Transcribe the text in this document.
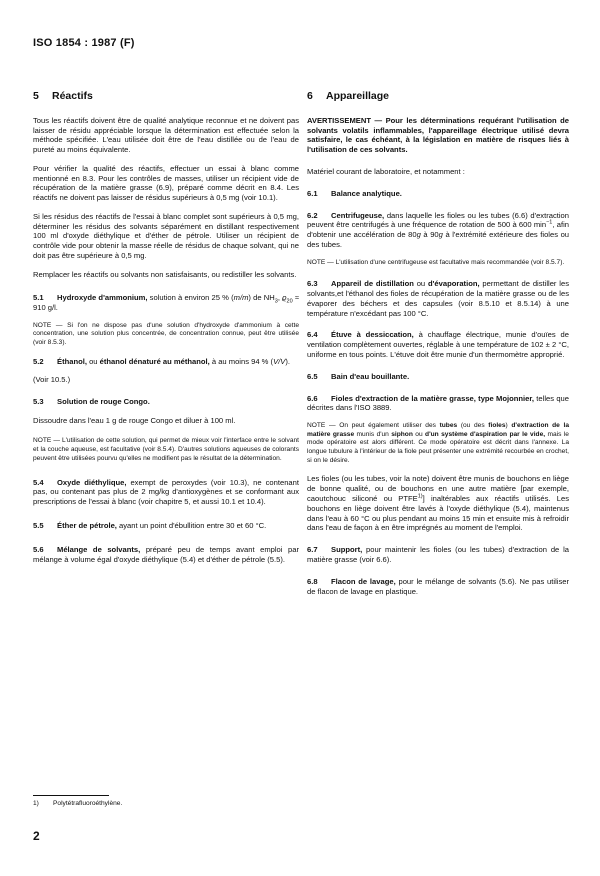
ISO 1854 : 1987 (F)
5 Réactifs

Tous les réactifs doivent être de qualité analytique reconnue et ne doivent pas laisser de résidu appréciable lorsque la détermination est effectuée selon la méthode spécifiée. L'eau utilisée doit être de l'eau distillée ou de l'eau de pureté au moins équivalente.

Pour vérifier la qualité des réactifs, effectuer un essai à blanc comme mentionné en 8.3. Pour les contrôles de masses, utiliser un récipient vide de récupération de la matière grasse (6.9), préparé comme décrit en 8.4. Les réactifs ne doivent pas laisser de résidus supérieurs à 0,5 mg (voir 10.1).

Si les résidus des réactifs de l'essai à blanc complet sont supérieurs à 0,5 mg, déterminer les résidus des solvants séparément en distillant respectivement 100 ml d'oxyde diéthylique et d'éther de pétrole. Utiliser un récipient de contrôle vide pour obtenir la masse réelle de résidus de chaque solvant, qui ne doit pas être supérieure à 0,5 mg.

Remplacer les réactifs ou solvants non satisfaisants, ou redistiller les solvants.

5.1 Hydroxyde d'ammonium, solution à environ 25 % (m/m) de $NH_3$, $ϱ_{20} \approx 910$ g/l.

NOTE — Si l'on ne dispose pas d'une solution d'hydroxyde d'ammonium à cette concentration, une solution plus concentrée, de concentration connue, peut être utilisée (voir 8.5.3).

5.2 Éthanol, ou éthanol dénaturé au méthanol, à au moins 94 % (V/V).

(Voir 10.5.)

5.3 Solution de rouge Congo.

Dissoudre dans l'eau 1 g de rouge Congo et diluer à 100 ml.

NOTE — L'utilisation de cette solution, qui permet de mieux voir l'interface entre le solvant et la couche aqueuse, est facultative (voir 8.5.4). D'autres solutions aqueuses de colorants peuvent être utilisées pourvu qu'elles ne modifient pas le résultat de la détermination.

5.4 Oxyde diéthylique, exempt de peroxydes (voir 10.3), ne contenant pas, ou contenant pas plus de 2 mg/kg d'antioxygènes et se conformant aux prescriptions de l'essai à blanc (voir chapitre 5, et aussi 10.1 et 10.4).

5.5 Éther de pétrole, ayant un point d'ébullition entre 30 et 60 °C.

5.6 Mélange de solvants, préparé peu de temps avant emploi par mélange à volume égal d'oxyde diéthylique (5.4) et d'éther de pétrole (5.5).

6 Appareillage

AVERTISSEMENT — Pour les déterminations requérant l'utilisation de solvants volatils inflammables, l'appareillage électrique utilisé devra satisfaire, le cas échéant, à la législation en matière de risques liés à l'utilisation de ces solvants.

Matériel courant de laboratoire, et notamment :

6.1 Balance analytique.

6.2 Centrifugeuse, dans laquelle les fioles ou les tubes (6.6) d'extraction peuvent être centrifugés à une fréquence de rotation de 500 à 600 $\min^{-1}$, afin d'obtenir une accélération de 80g à 90g à l'extrémité extérieure des fioles ou des tubes.

NOTE — L'utilisation d'une centrifugeuse est facultative mais recommandée (voir 8.5.7).

6.3 Appareil de distillation ou d'évaporation, permettant de distiller les solvants,et l'éthanol des fioles de récupération de la matière grasse ou de les évaporer des béchers et des capsules (voir 8.5.10 et 8.5.14) à une température n'excédant pas 100 °C.

6.4 Étuve à dessiccation, à chauffage électrique, munie d'ouïes de ventilation complètement ouvertes, réglable à une température de 102 ± 2 °C, uniforme en tous points. L'étuve doit être munie d'un thermomètre approprié.

6.5 Bain d'eau bouillante.

6.6 Fioles d'extraction de la matière grasse, type Mojonnier, telles que décrites dans l'ISO 3889.

NOTE — On peut également utiliser des tubes (ou des fioles) d'extraction de la matière grasse munis d'un siphon ou d'un système d'aspiration par le vide, mais le mode opératoire est alors différent. Ce mode opératoire est décrit dans l'annexe. La longue tubulure à l'intérieur de la fiole peut présenter une extrémité recourbée en crochet, si on le désire.

Les fioles (ou les tubes, voir la note) doivent être munis de bouchons en liège de bonne qualité, ou de bouchons en une autre matière [par exemple, caoutchouc siliconé ou PTFE$^{1)}$] inaltérables aux réactifs utilisés. Les bouchons en liège doivent être lavés à l'oxyde diéthylique (5.4), maintenus dans l'eau à 60 °C ou plus pendant au moins 15 min et ensuite mis à refroidir dans l'eau de façon à en être imprégnés au moment de l'emploi.

6.7 Support, pour maintenir les fioles (ou les tubes) d'extraction de la matière grasse (voir 6.6).

6.8 Flacon de lavage, pour le mélange de solvants (5.6). Ne pas utiliser de flacon de lavage en plastique.

1) Polytétrafluoroéthylène.
2
